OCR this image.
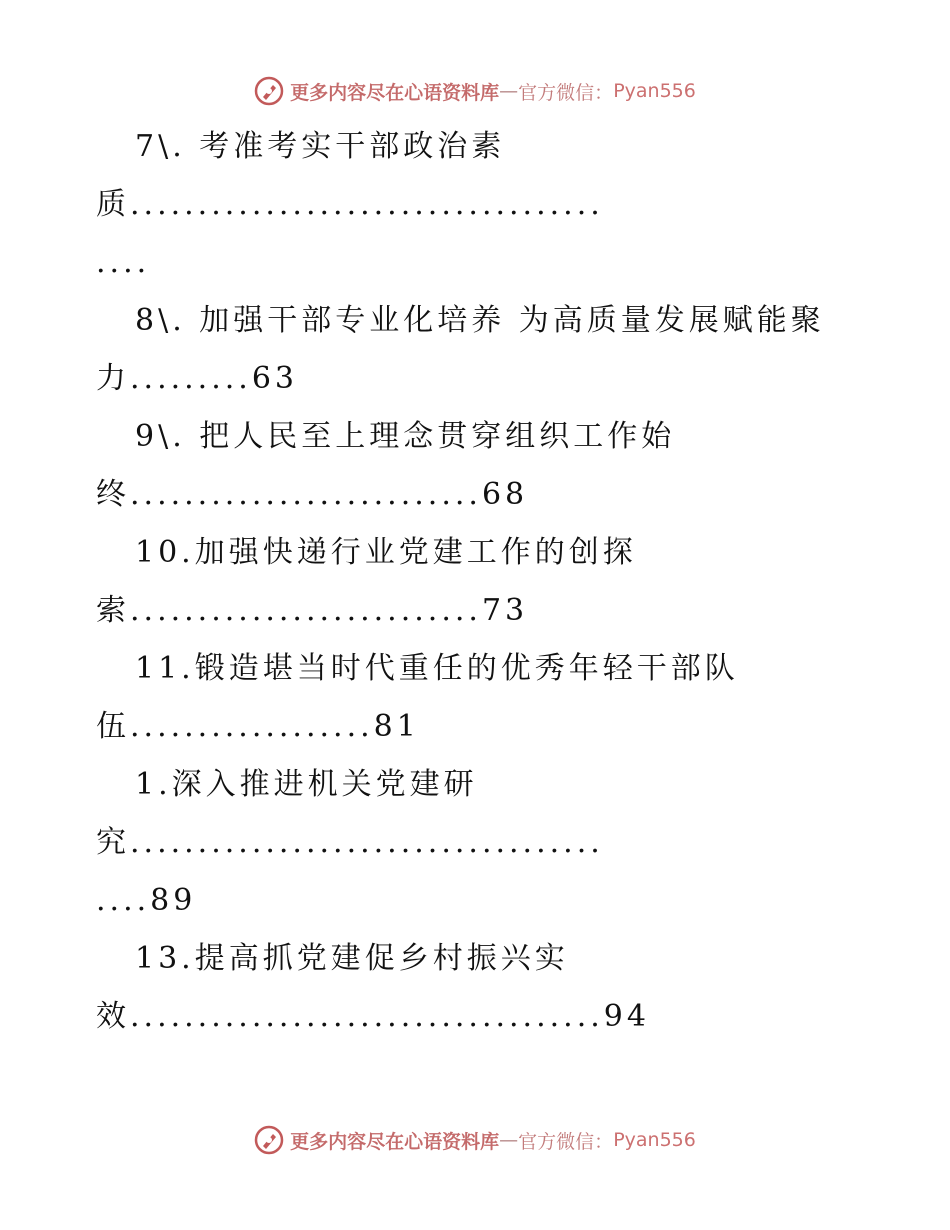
更多内容尽在心语资料库 — 官方微信： Pyan556
7\. 考准考实干部政治素
质...................................
....
8\. 加强干部专业化培养 为高质量发展赋能聚
力.........63
9\. 把人民至上理念贯穿组织工作始
终..........................68
10.加强快递行业党建工作的创探
索..........................73
11.锻造堪当时代重任的优秀年轻干部队
伍..................81
1.深入推进机关党建研
究...................................
....89
13.提高抓党建促乡村振兴实
效...................................94
更多内容尽在心语资料库 — 官方微信： Pyan556
